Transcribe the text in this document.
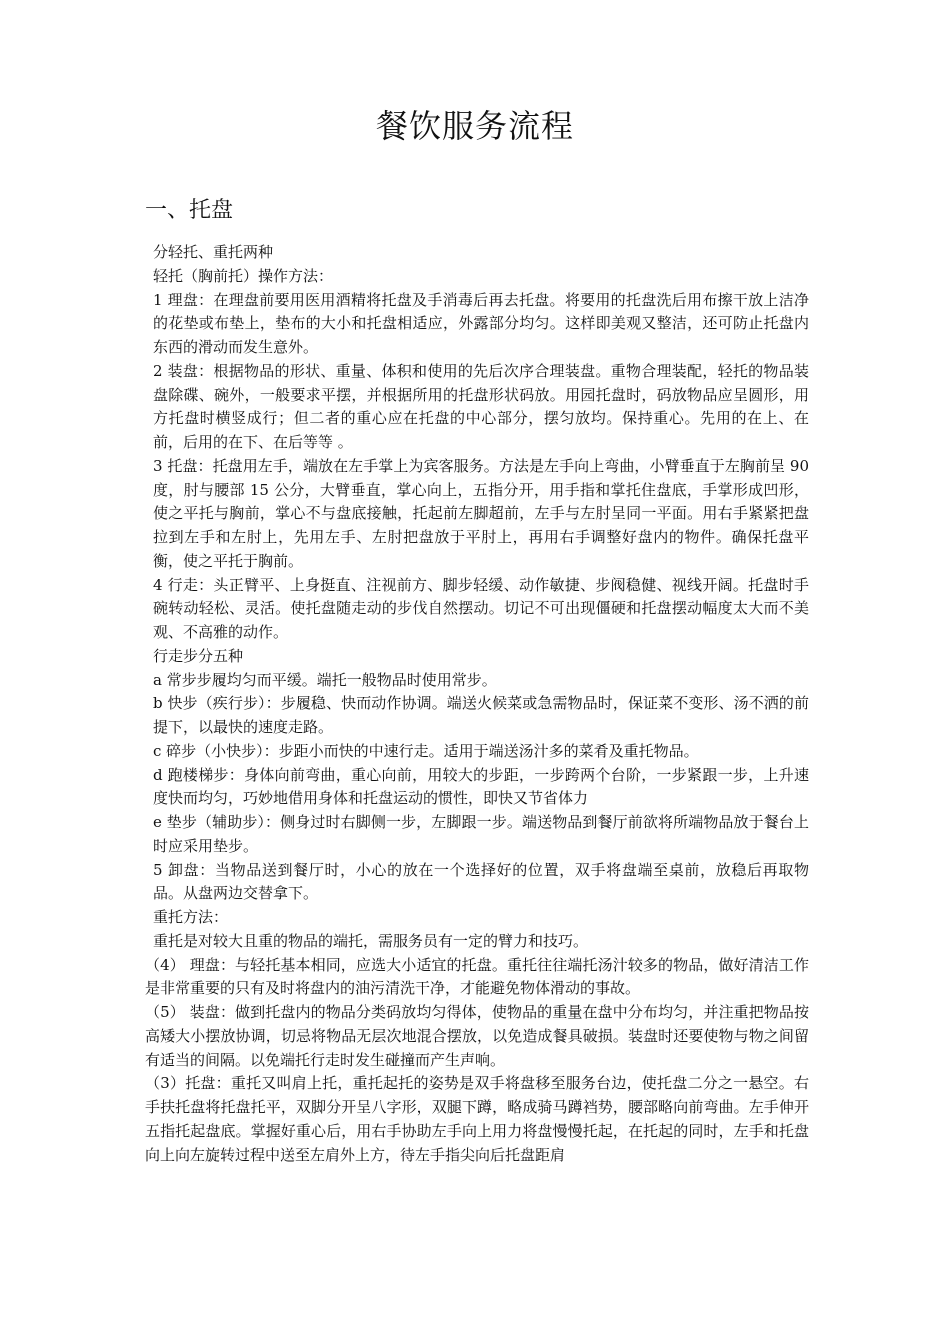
餐饮服务流程
一、托盘

分轻托、重托两种

轻托（胸前托）操作方法：

1 理盘：在理盘前要用医用酒精将托盘及手消毒后再去托盘。将要用的托盘洗后用布擦干放上洁净的花垫或布垫上，垫布的大小和托盘相适应，外露部分均匀。这样即美观又整洁，还可防止托盘内东西的滑动而发生意外。

2 装盘：根据物品的形状、重量、体积和使用的先后次序合理装盘。重物合理装配，轻托的物品装盘除碟、碗外，一般要求平摆，并根据所用的托盘形状码放。用园托盘时，码放物品应呈圆形，用方托盘时横竖成行；但二者的重心应在托盘的中心部分，摆匀放均。保持重心。先用的在上、在前，后用的在下、在后等等 。

3 托盘：托盘用左手，端放在左手掌上为宾客服务。方法是左手向上弯曲，小臂垂直于左胸前呈 90 度，肘与腰部 15 公分，大臂垂直，掌心向上，五指分开，用手指和掌托住盘底，手掌形成凹形，使之平托与胸前，掌心不与盘底接触，托起前左脚超前，左手与左肘呈同一平面。用右手紧紧把盘拉到左手和左肘上，先用左手、左肘把盘放于平肘上，再用右手调整好盘内的物件。确保托盘平衡，使之平托于胸前。

4 行走：头正臂平、上身挺直、注视前方、脚步轻缓、动作敏捷、步阀稳健、视线开阔。托盘时手碗转动轻松、灵活。使托盘随走动的步伐自然摆动。切记不可出现僵硬和托盘摆动幅度太大而不美观、不高雅的动作。

行走步分五种

a 常步步履均匀而平缓。端托一般物品时使用常步。

b 快步（疾行步）：步履稳、快而动作协调。端送火候菜或急需物品时，保证菜不变形、汤不洒的前提下，以最快的速度走路。

c 碎步（小快步）：步距小而快的中速行走。适用于端送汤汁多的菜肴及重托物品。

d 跑楼梯步：身体向前弯曲，重心向前，用较大的步距，一步跨两个台阶，一步紧跟一步，上升速度快而均匀，巧妙地借用身体和托盘运动的惯性，即快又节省体力

e 垫步（辅助步）：侧身过时右脚侧一步，左脚跟一步。端送物品到餐厅前欲将所端物品放于餐台上时应采用垫步。

5 卸盘：当物品送到餐厅时，小心的放在一个选择好的位置，双手将盘端至桌前，放稳后再取物品。从盘两边交替拿下。

重托方法：

重托是对较大且重的物品的端托，需服务员有一定的臂力和技巧。

（4） 理盘：与轻托基本相同，应选大小适宜的托盘。重托往往端托汤汁较多的物品，做好清洁工作是非常重要的只有及时将盘内的油污清洗干净，才能避免物体滑动的事故。

（5） 装盘：做到托盘内的物品分类码放均匀得体，使物品的重量在盘中分布均匀，并注重把物品按高矮大小摆放协调，切忌将物品无层次地混合摆放，以免造成餐具破损。装盘时还要使物与物之间留有适当的间隔。以免端托行走时发生碰撞而产生声响。

（3）托盘：重托又叫肩上托，重托起托的姿势是双手将盘移至服务台边，使托盘二分之一悬空。右手扶托盘将托盘托平，双脚分开呈八字形，双腿下蹲，略成骑马蹲裆势，腰部略向前弯曲。左手伸开五指托起盘底。掌握好重心后，用右手协助左手向上用力将盘慢慢托起，在托起的同时，左手和托盘向上向左旋转过程中送至左肩外上方，待左手指尖向后托盘距肩
